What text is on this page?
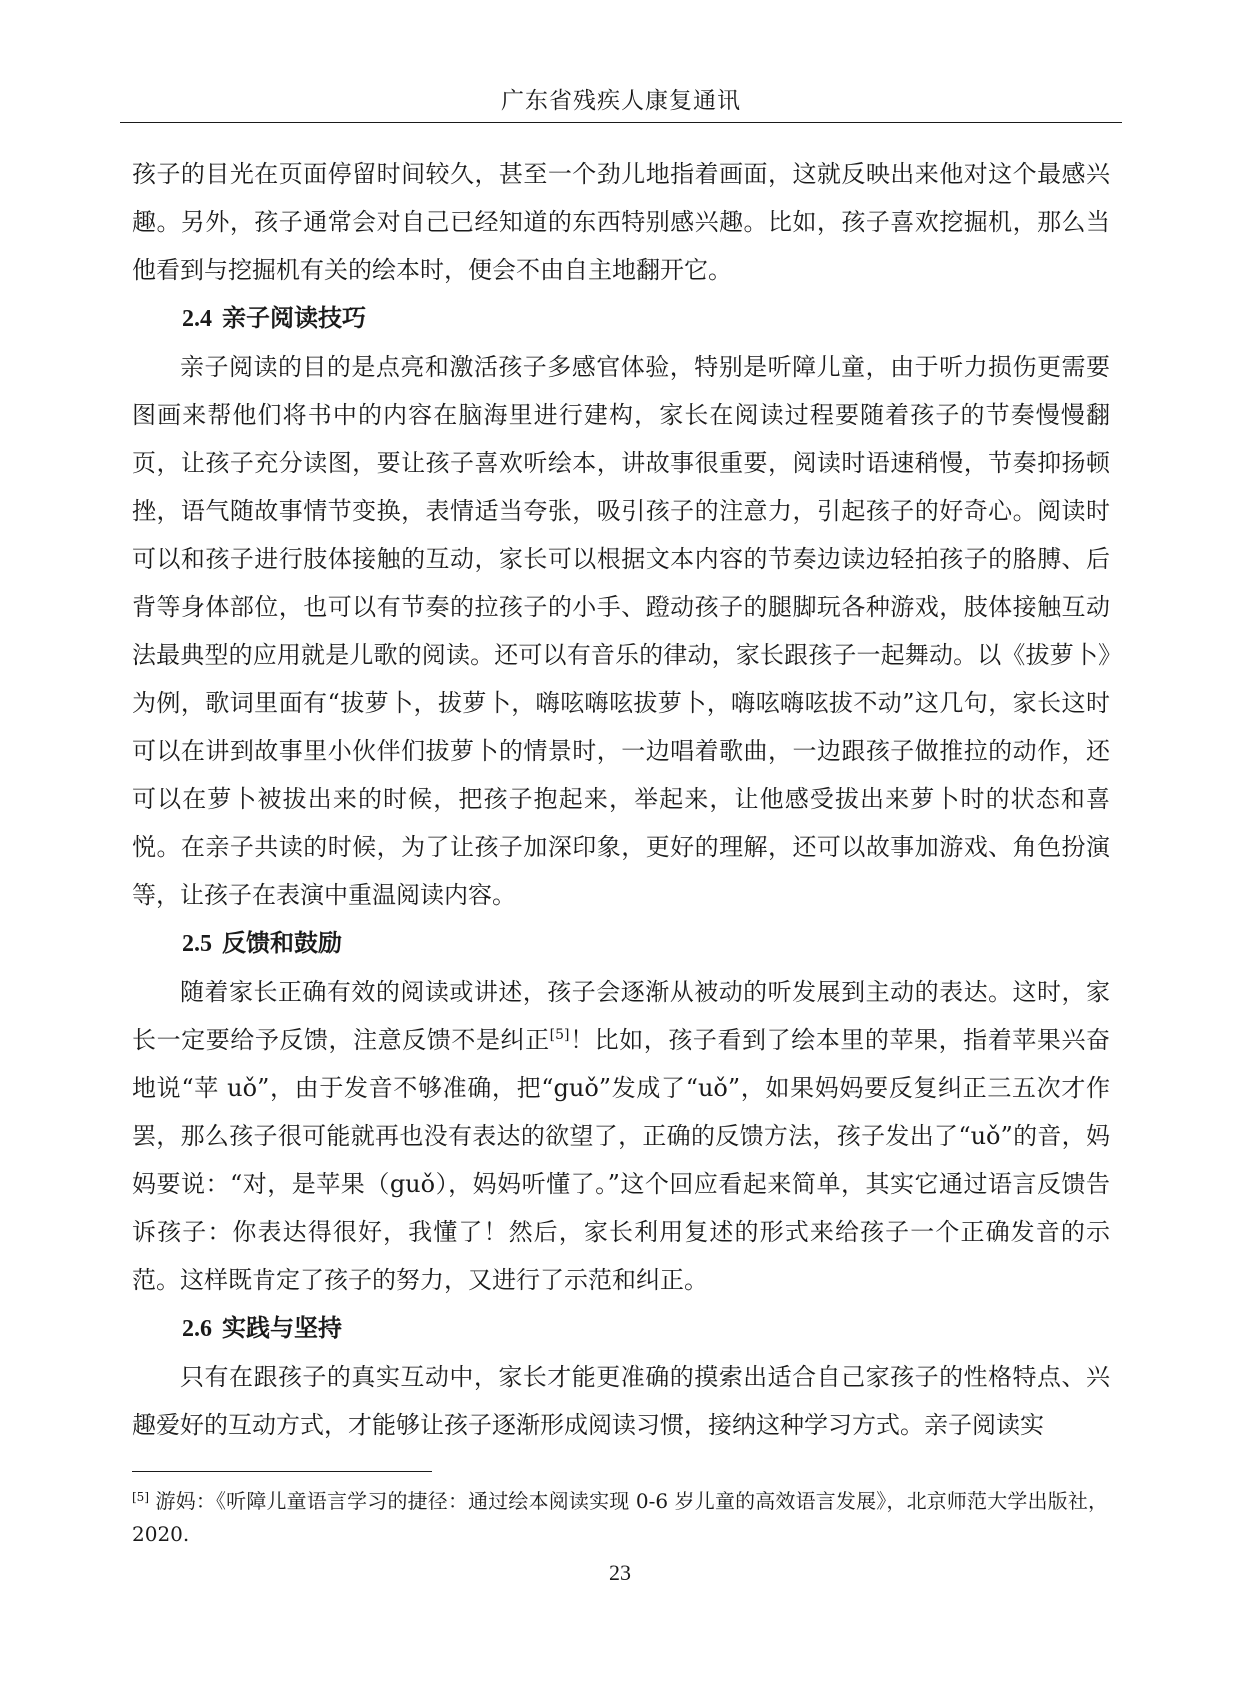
广东省残疾人康复通讯

孩子的目光在页面停留时间较久，甚至一个劲儿地指着画面，这就反映出来他对这个最感兴趣。另外，孩子通常会对自己已经知道的东西特别感兴趣。比如，孩子喜欢挖掘机，那么当他看到与挖掘机有关的绘本时，便会不由自主地翻开它。

2.4 亲子阅读技巧

亲子阅读的目的是点亮和激活孩子多感官体验，特别是听障儿童，由于听力损伤更需要图画来帮他们将书中的内容在脑海里进行建构，家长在阅读过程要随着孩子的节奏慢慢翻页，让孩子充分读图，要让孩子喜欢听绘本，讲故事很重要，阅读时语速稍慢，节奏抑扬顿挫，语气随故事情节变换，表情适当夸张，吸引孩子的注意力，引起孩子的好奇心。阅读时可以和孩子进行肢体接触的互动，家长可以根据文本内容的节奏边读边轻拍孩子的胳膊、后背等身体部位，也可以有节奏的拉孩子的小手、蹬动孩子的腿脚玩各种游戏，肢体接触互动法最典型的应用就是儿歌的阅读。还可以有音乐的律动，家长跟孩子一起舞动。以《拔萝卜》为例，歌词里面有“拔萝卜，拔萝卜，嗨呟嗨呟拔萝卜，嗨呟嗨呟拔不动”这几句，家长这时可以在讲到故事里小伙伴们拔萝卜的情景时，一边唱着歌曲，一边跟孩子做推拉的动作，还可以在萝卜被拔出来的时候，把孩子抱起来，举起来，让他感受拔出来萝卜时的状态和喜悦。在亲子共读的时候，为了让孩子加深印象，更好的理解，还可以故事加游戏、角色扮演等，让孩子在表演中重温阅读内容。

2.5 反馈和鼓励

随着家长正确有效的阅读或讲述，孩子会逐渐从被动的听发展到主动的表达。这时，家长一定要给予反馈，注意反馈不是纠正[5]！比如，孩子看到了绘本里的苹果，指着苹果兴奋地说“苹 uǒ”，由于发音不够准确，把“guǒ”发成了“uǒ”，如果妈妈要反复纠正三五次才作罢，那么孩子很可能就再也没有表达的欲望了，正确的反馈方法，孩子发出了“uǒ”的音，妈妈要说：“对，是苹果（guǒ），妈妈听懂了。”这个回应看起来简单，其实它通过语言反馈告诉孩子：你表达得很好，我懂了！然后，家长利用复述的形式来给孩子一个正确发音的示范。这样既肯定了孩子的努力，又进行了示范和纠正。

2.6 实践与坚持

只有在跟孩子的真实互动中，家长才能更准确的摸索出适合自己家孩子的性格特点、兴趣爱好的互动方式，才能够让孩子逐渐形成阅读习惯，接纳这种学习方式。亲子阅读实

[5] 游妈：《听障儿童语言学习的捷径：通过绘本阅读实现 0-6 岁儿童的高效语言发展》，北京师范大学出版社，2020.
23
